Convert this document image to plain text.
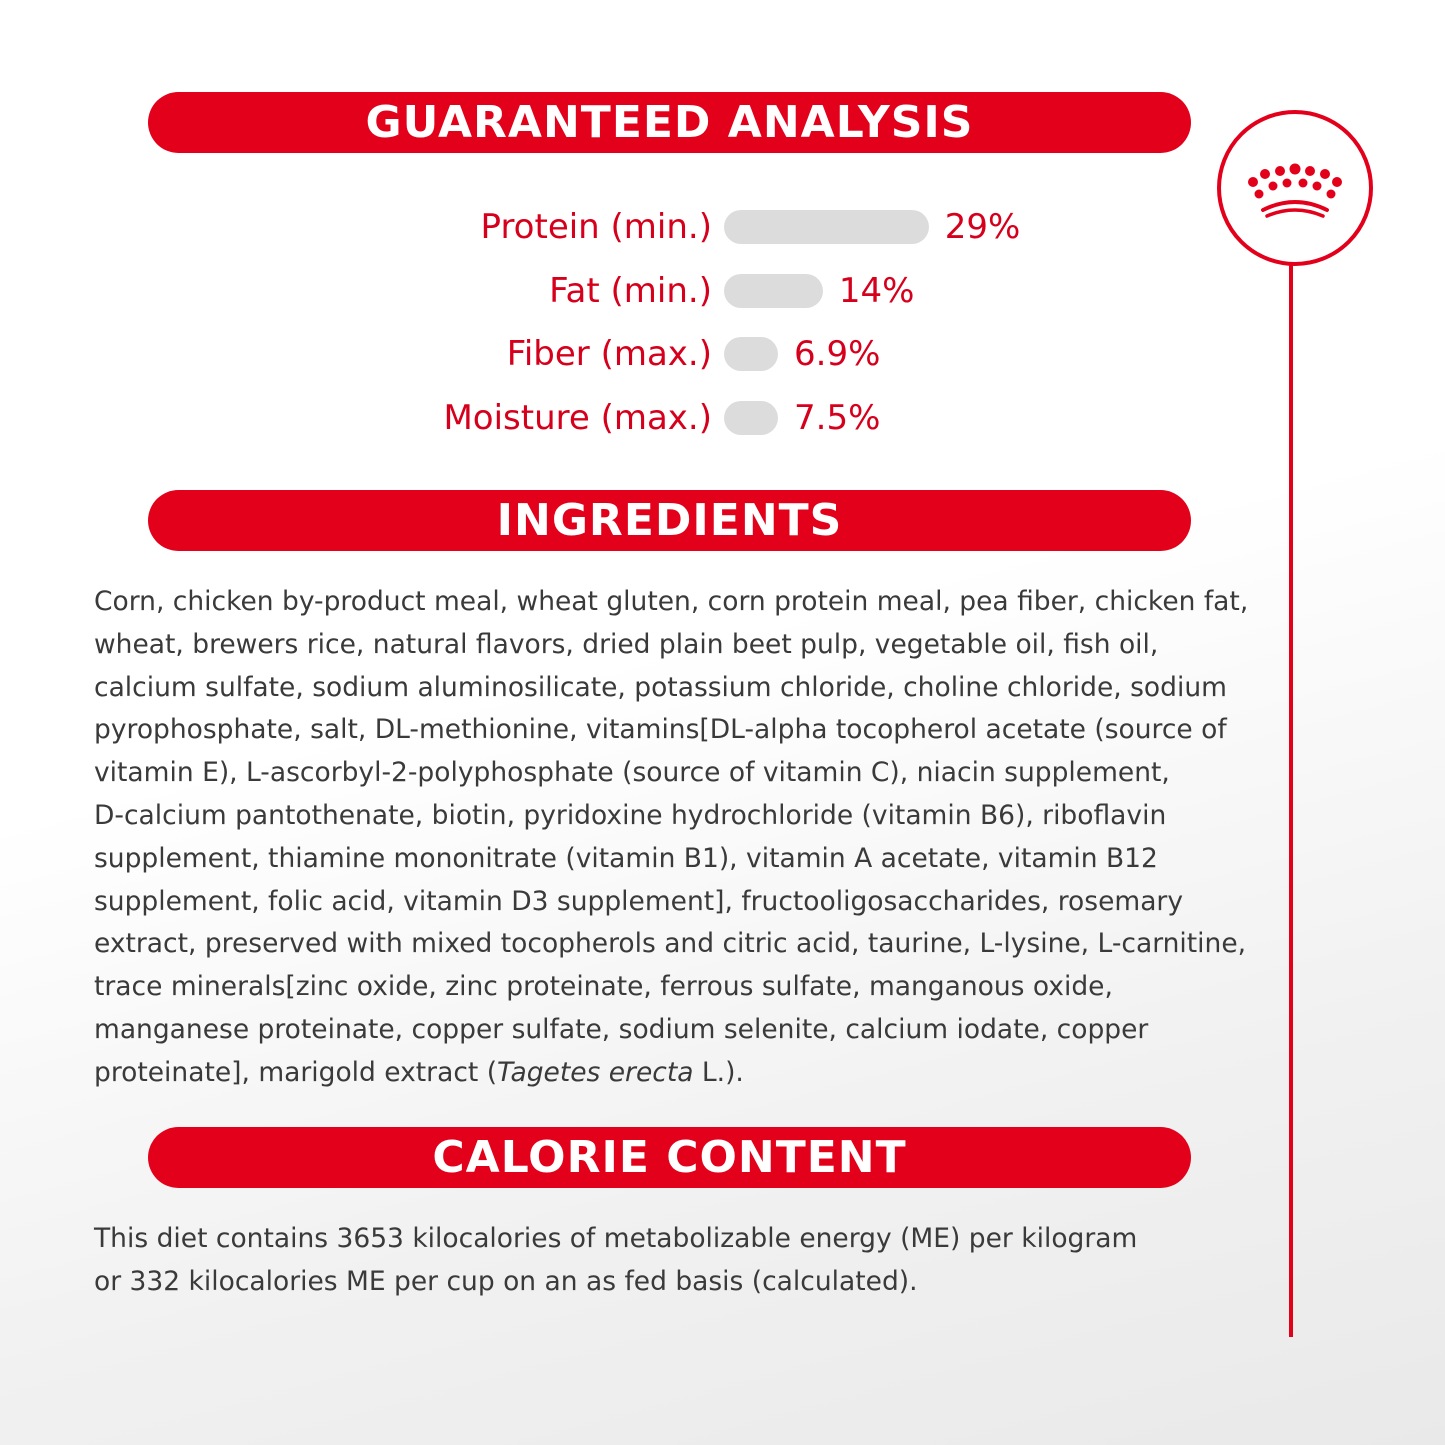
GUARANTEED ANALYSIS
Protein (min.)	29%
Fat (min.)	14%
Fiber (max.) 6.9%
Moisture (max.) 7.5%
INGREDIENTS
Corn, chicken by-product meal, wheat gluten, corn protein meal, pea fiber, chicken fat,
wheat, brewers rice, natural flavors, dried plain beet pulp, vegetable oil, fish oil,
calcium sulfate, sodium aluminosilicate, potassium chloride, choline chloride, sodium
pyrophosphate, salt, DL-methionine, vitamins[DL-alpha tocopherol acetate (source of
vitamin E), L-ascorbyl-2-polyphosphate (source of vitamin C), niacin supplement,
D-calcium pantothenate, biotin, pyridoxine hydrochloride (vitamin B6), riboflavin
supplement, thiamine mononitrate (vitamin B1), vitamin A acetate, vitamin B12
supplement, folic acid, vitamin D3 supplement], fructooligosaccharides, rosemary
extract, preserved with mixed tocopherols and citric acid, taurine, L-lysine, L-carnitine,
trace minerals[zinc oxide, zinc proteinate, ferrous sulfate, manganous oxide,
manganese proteinate, copper sulfate, sodium selenite, calcium iodate, copper
proteinate], marigold extract (Tagetes erecta L.).
CALORIE CONTENT
This diet contains 3653 kilocalories of metabolizable energy (ME) per kilogram
or 332 kilocalories ME per cup on an as fed basis (calculated).
